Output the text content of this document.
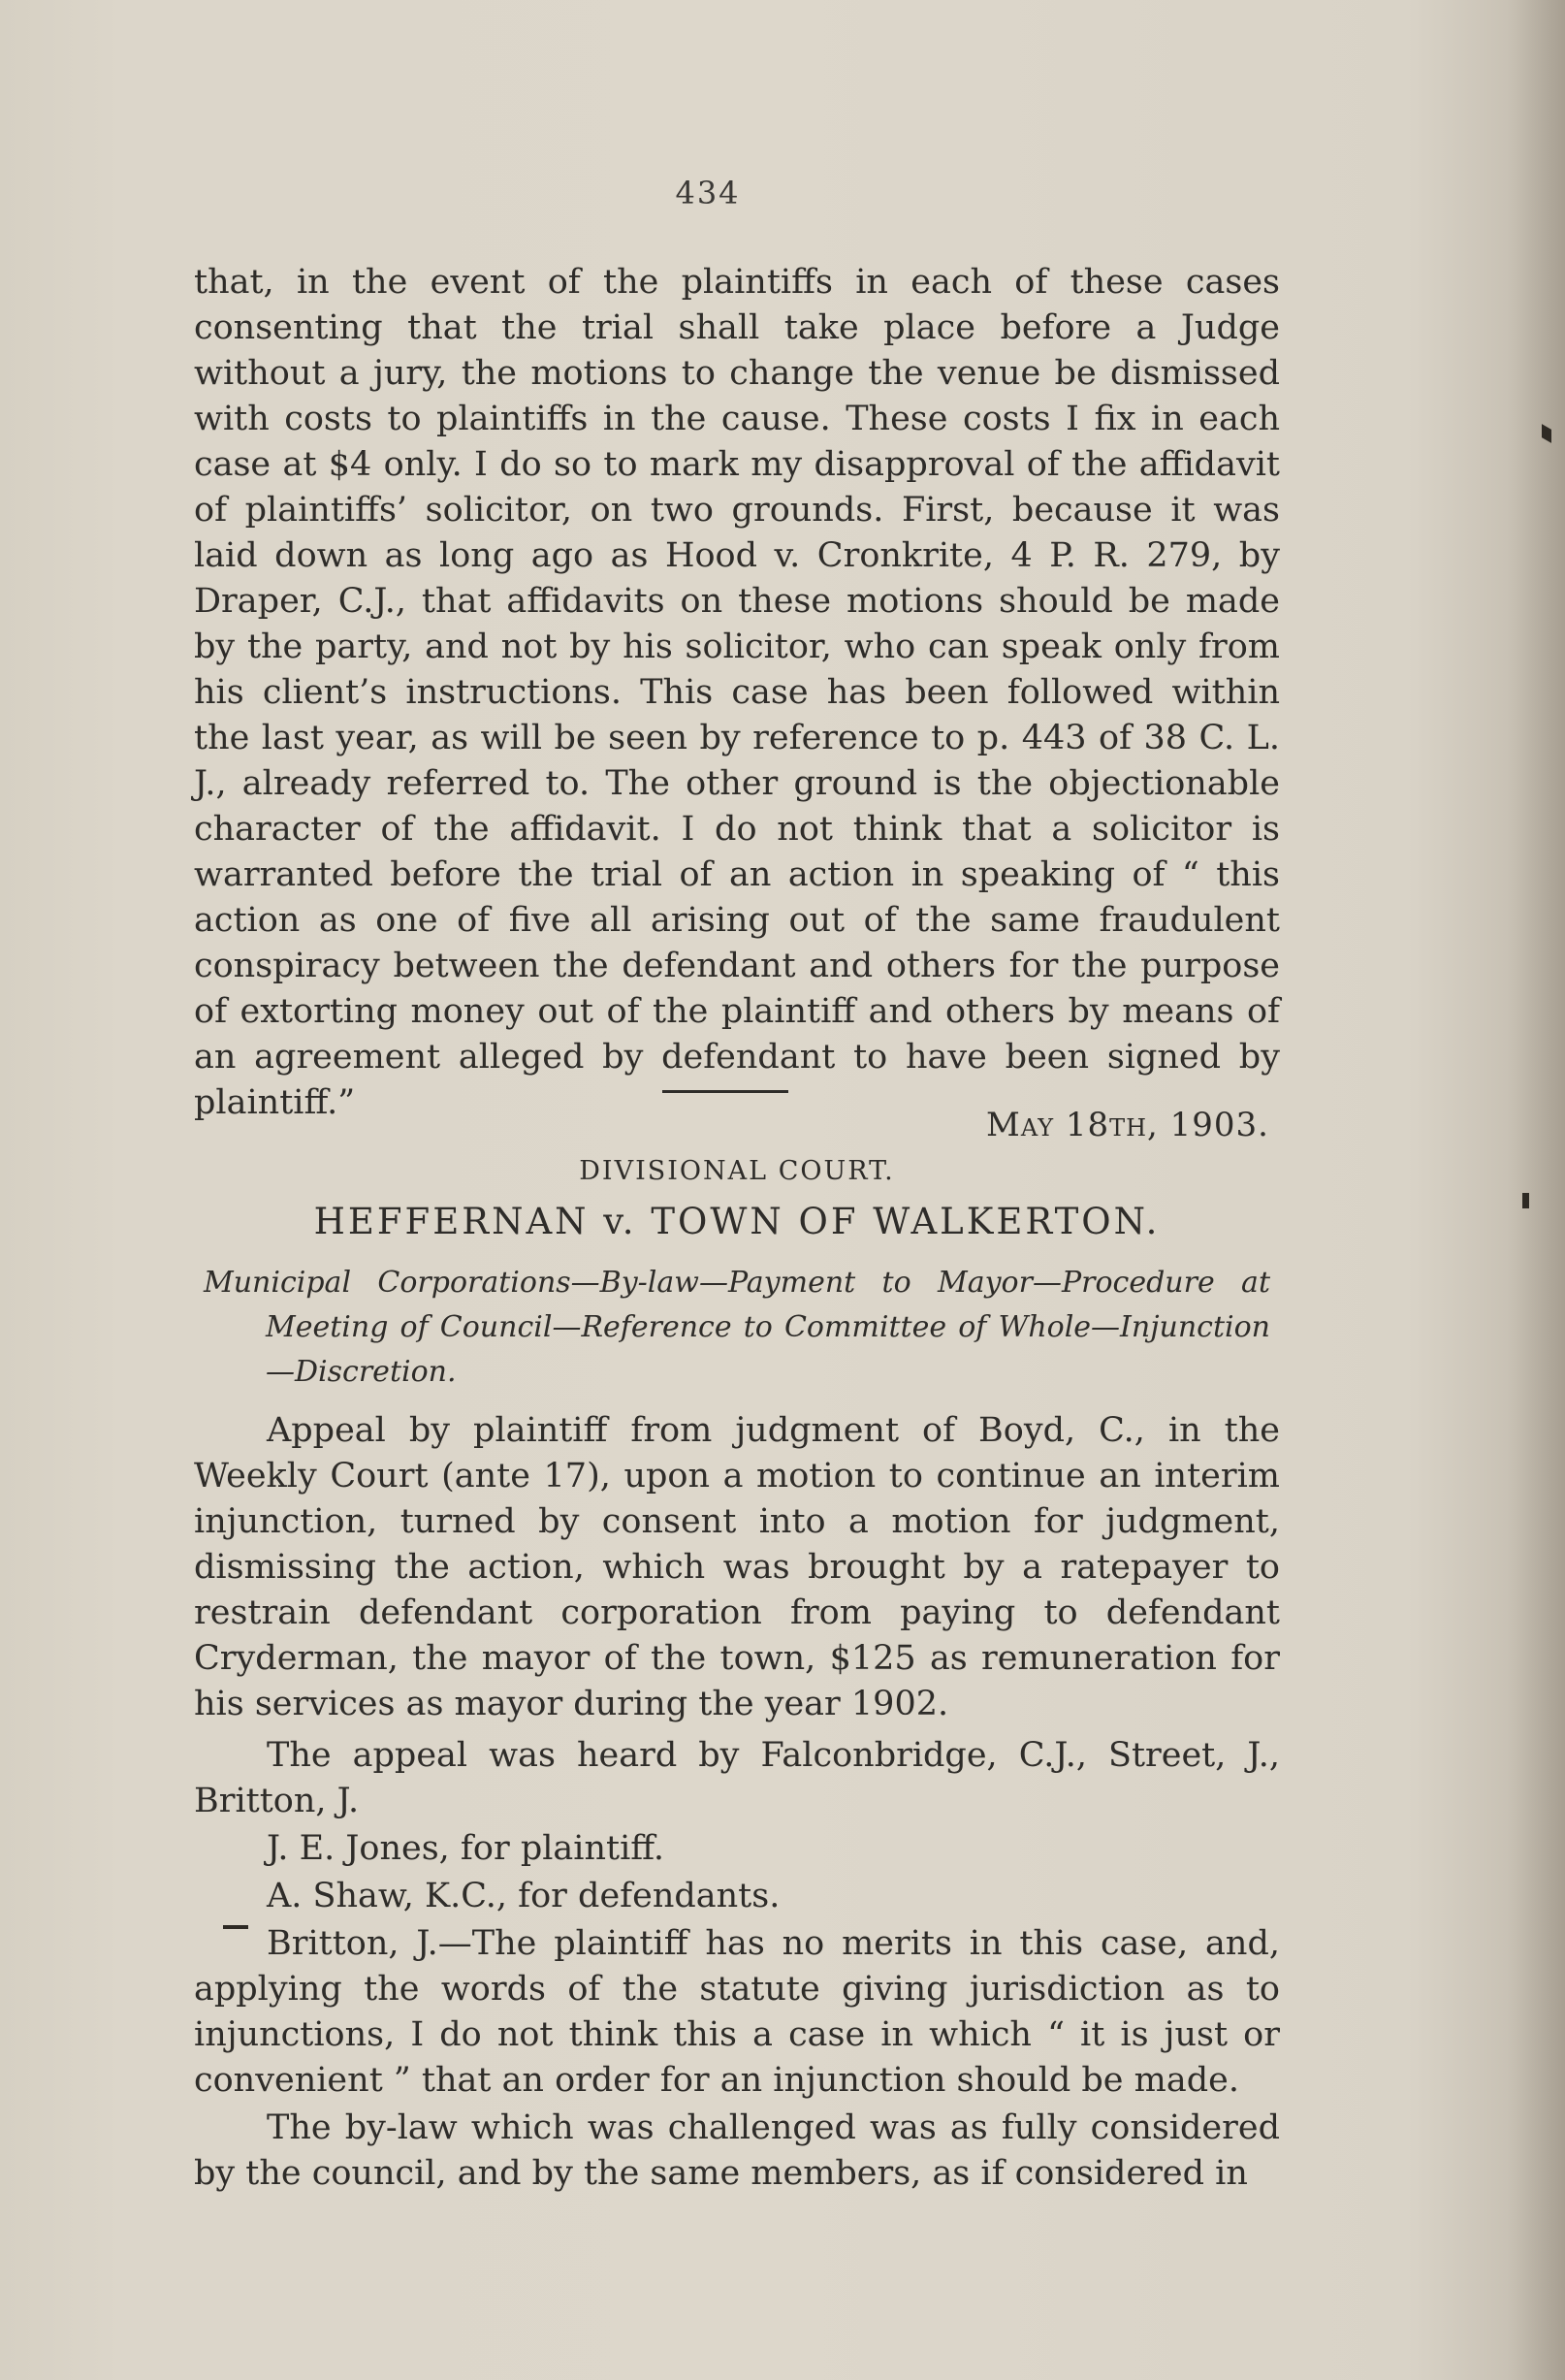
434

that, in the event of the plaintiffs in each of these cases consenting that the trial shall take place before a Judge without a jury, the motions to change the venue be dismissed with costs to plaintiffs in the cause. These costs I fix in each case at $4 only. I do so to mark my disapproval of the affidavit of plaintiffs’ solicitor, on two grounds. First, because it was laid down as long ago as Hood v. Cronkrite, 4 P. R. 279, by Draper, C.J., that affidavits on these motions should be made by the party, and not by his solicitor, who can speak only from his client’s instructions. This case has been followed within the last year, as will be seen by reference to p. 443 of 38 C. L. J., already referred to. The other ground is the objectionable character of the affidavit. I do not think that a solicitor is warranted before the trial of an action in speaking of “ this action as one of five all arising out of the same fraudulent conspiracy between the defendant and others for the purpose of extorting money out of the plaintiff and others by means of an agreement alleged by defendant to have been signed by plaintiff.”

May 18th, 1903.
DIVISIONAL COURT.
HEFFERNAN v. TOWN OF WALKERTON.
Municipal Corporations—By-law—Payment to Mayor—Procedure at Meeting of Council—Reference to Committee of Whole—Injunction —Discretion.

Appeal by plaintiff from judgment of Boyd, C., in the Weekly Court (ante 17), upon a motion to continue an interim injunction, turned by consent into a motion for judgment, dismissing the action, which was brought by a ratepayer to restrain defendant corporation from paying to defendant Cryderman, the mayor of the town, $125 as remuneration for his services as mayor during the year 1902.

The appeal was heard by Falconbridge, C.J., Street, J., Britton, J.

J. E. Jones, for plaintiff.

A. Shaw, K.C., for defendants.

Britton, J.—The plaintiff has no merits in this case, and, applying the words of the statute giving jurisdiction as to injunctions, I do not think this a case in which “ it is just or convenient ” that an order for an injunction should be made.

The by-law which was challenged was as fully considered by the council, and by the same members, as if considered in
